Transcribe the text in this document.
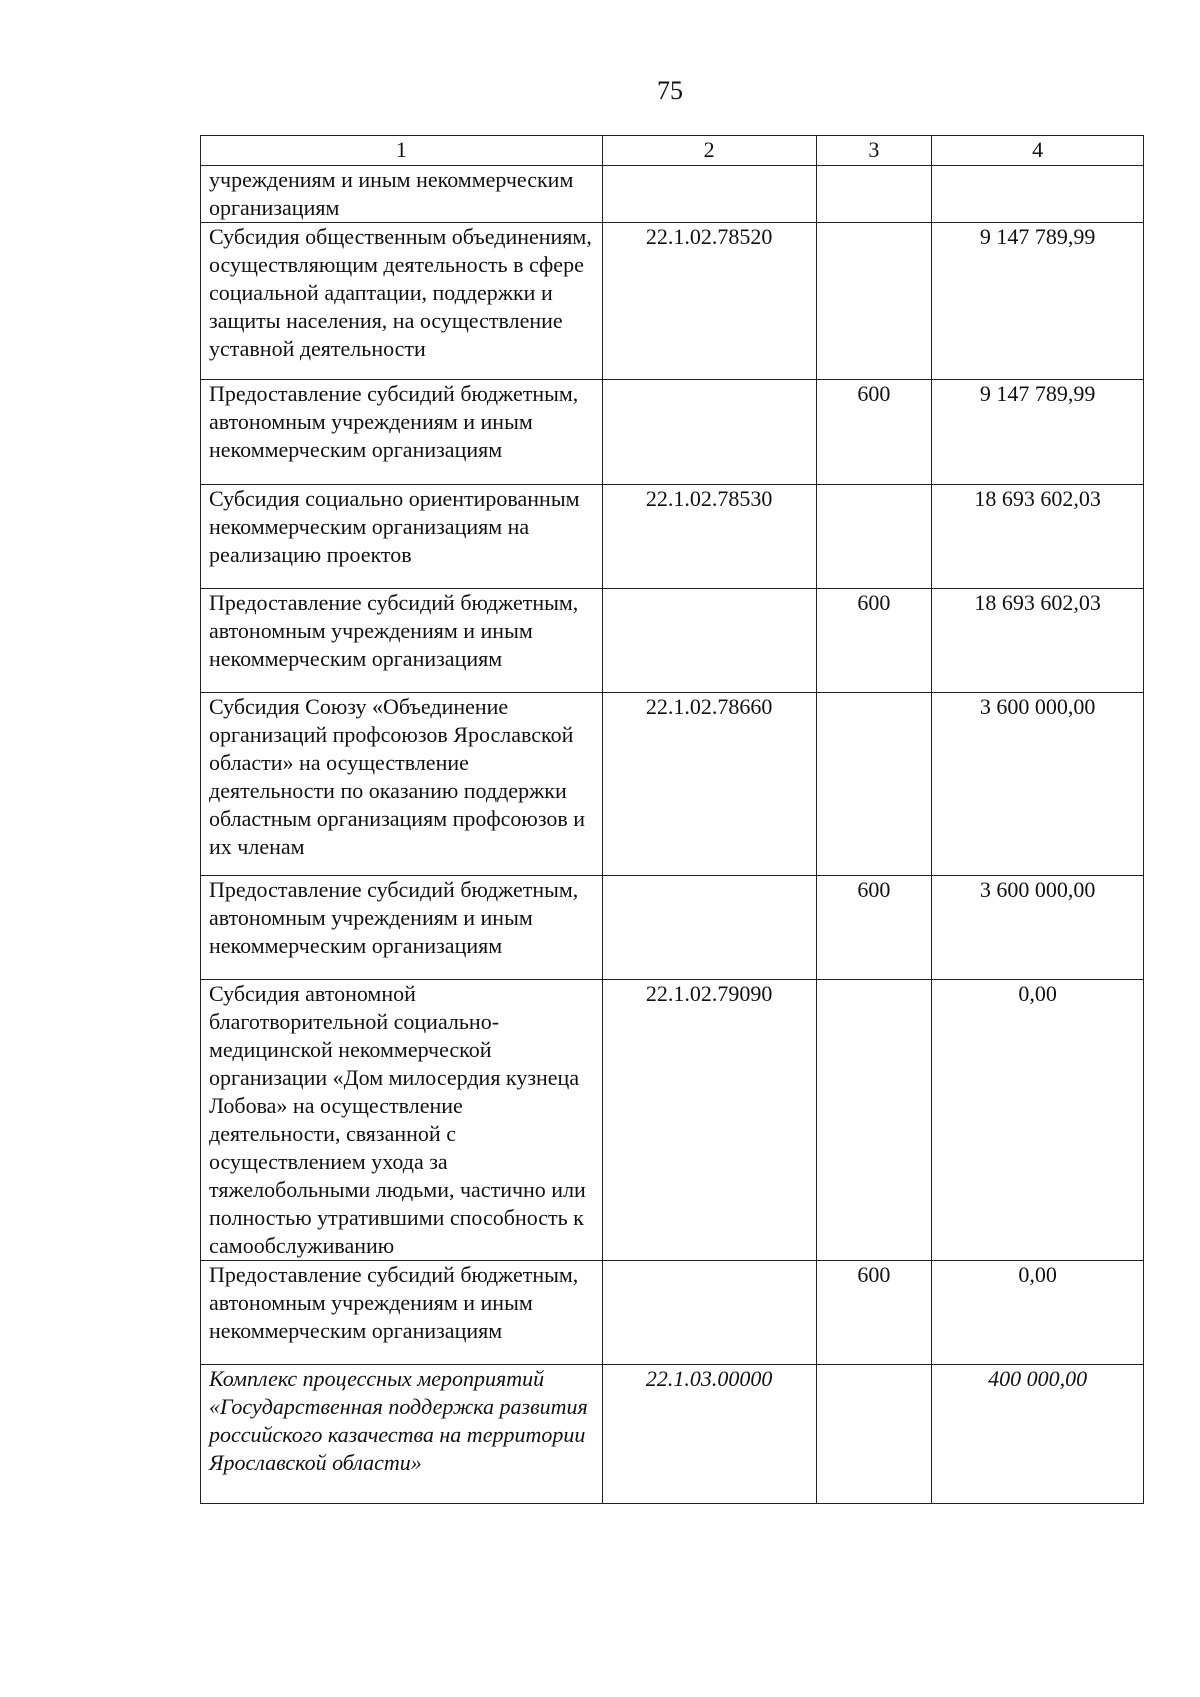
75
1	2	3	4
учреждениям и иным некоммерческим организациям			
Субсидия общественным объединениям, осуществляющим деятельность в сфере социальной адаптации, поддержки и защиты населения, на осуществление уставной деятельности	22.1.02.78520		9 147 789,99
Предоставление субсидий бюджетным, автономным учреждениям и иным некоммерческим организациям		600	9 147 789,99
Субсидия социально ориентированным некоммерческим организациям на реализацию проектов	22.1.02.78530		18 693 602,03
Предоставление субсидий бюджетным, автономным учреждениям и иным некоммерческим организациям		600	18 693 602,03
Субсидия Союзу «Объединение организаций профсоюзов Ярославской области» на осуществление деятельности по оказанию поддержки областным организациям профсоюзов и их членам	22.1.02.78660		3 600 000,00
Предоставление субсидий бюджетным, автономным учреждениям и иным некоммерческим организациям		600	3 600 000,00
Субсидия автономной благотворительной социально-медицинской некоммерческой организации «Дом милосердия кузнеца Лобова» на осуществление деятельности, связанной с осуществлением ухода за тяжелобольными людьми, частично или полностью утратившими способность к самообслуживанию	22.1.02.79090		0,00
Предоставление субсидий бюджетным, автономным учреждениям и иным некоммерческим организациям		600	0,00
Комплекс процессных мероприятий «Государственная поддержка развития российского казачества на территории Ярославской области»	22.1.03.00000		400 000,00
